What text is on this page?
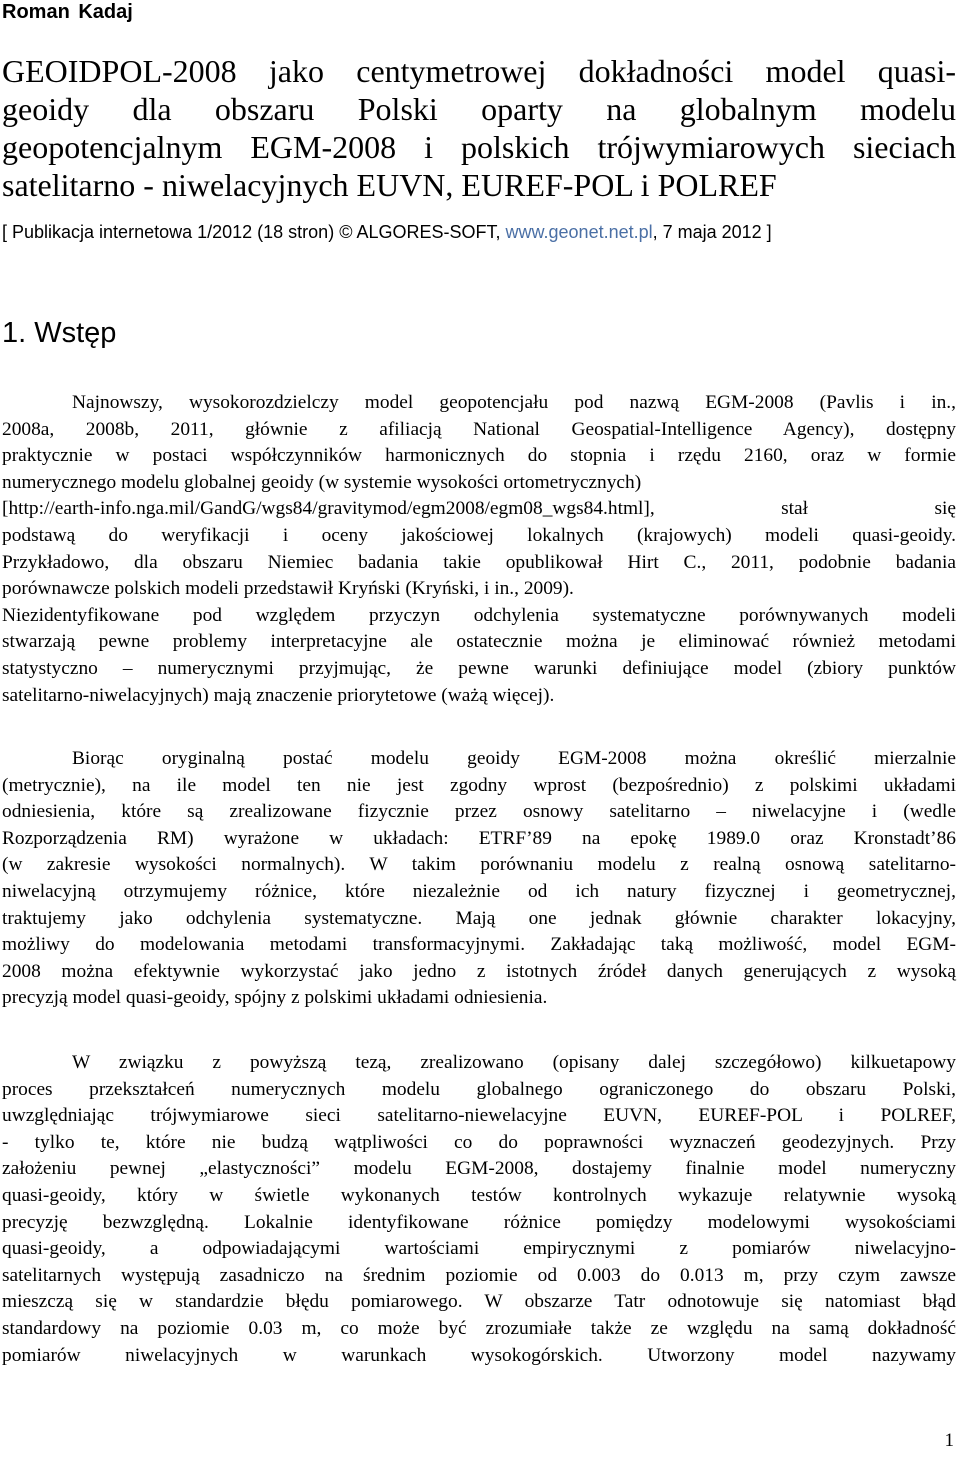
Roman Kadaj
GEOIDPOL-2008 jako centymetrowej dokładności model quasi-
geoidy dla obszaru Polski oparty na globalnym modelu
geopotencjalnym EGM-2008 i polskich trójwymiarowych sieciach
satelitarno - niwelacyjnych EUVN, EUREF-POL i POLREF
[ Publikacja internetowa 1/2012 (18 stron) © ALGORES-SOFT, www.geonet.net.pl, 7 maja 2012 ]
1. Wstęp
Najnowszy, wysokorozdzielczy model geopotencjału pod nazwą EGM-2008 (Pavlis i in.,
2008a, 2008b, 2011, głównie z afiliacją National Geospatial-Intelligence Agency), dostępny
praktycznie w postaci współczynników harmonicznych do stopnia i rzędu 2160, oraz w formie
numerycznego modelu globalnej geoidy (w systemie wysokości ortometrycznych)
[http://earth-info.nga.mil/GandG/wgs84/gravitymod/egm2008/egm08_wgs84.html], stał się
podstawą do weryfikacji i oceny jakościowej lokalnych (krajowych) modeli quasi-geoidy.
Przykładowo, dla obszaru Niemiec badania takie opublikował Hirt C., 2011, podobnie badania
porównawcze polskich modeli przedstawił Kryński (Kryński, i in., 2009).
Niezidentyfikowane pod względem przyczyn odchylenia systematyczne porównywanych modeli
stwarzają pewne problemy interpretacyjne ale ostatecznie można je eliminować również metodami
statystyczno – numerycznymi przyjmując, że pewne warunki definiujące model (zbiory punktów
satelitarno-niwelacyjnych) mają znaczenie priorytetowe (ważą więcej).
Biorąc oryginalną postać modelu geoidy EGM-2008 można określić mierzalnie
(metrycznie), na ile model ten nie jest zgodny wprost (bezpośrednio) z polskimi układami
odniesienia, które są zrealizowane fizycznie przez osnowy satelitarno – niwelacyjne i (wedle
Rozporządzenia RM) wyrażone w układach: ETRF’89 na epokę 1989.0 oraz Kronstadt’86
(w zakresie wysokości normalnych). W takim porównaniu modelu z realną osnową satelitarno-
niwelacyjną otrzymujemy różnice, które niezależnie od ich natury fizycznej i geometrycznej,
traktujemy jako odchylenia systematyczne. Mają one jednak głównie charakter lokacyjny,
możliwy do modelowania metodami transformacyjnymi. Zakładając taką możliwość, model EGM-
2008 można efektywnie wykorzystać jako jedno z istotnych źródeł danych generujących z wysoką
precyzją model quasi-geoidy, spójny z polskimi układami odniesienia.
W związku z powyższą tezą, zrealizowano (opisany dalej szczegółowo) kilkuetapowy
proces przekształceń numerycznych modelu globalnego ograniczonego do obszaru Polski,
uwzględniając trójwymiarowe sieci satelitarno-niewelacyjne EUVN, EUREF-POL i POLREF,
- tylko te, które nie budzą wątpliwości co do poprawności wyznaczeń geodezyjnych. Przy
założeniu pewnej „elastyczności” modelu EGM-2008, dostajemy finalnie model numeryczny
quasi-geoidy, który w świetle wykonanych testów kontrolnych wykazuje relatywnie wysoką
precyzję bezwzględną. Lokalnie identyfikowane różnice pomiędzy modelowymi wysokościami
quasi-geoidy, a odpowiadającymi wartościami empirycznymi z pomiarów niwelacyjno-
satelitarnych występują zasadniczo na średnim poziomie od 0.003 do 0.013 m, przy czym zawsze
mieszczą się w standardzie błędu pomiarowego. W obszarze Tatr odnotowuje się natomiast błąd
standardowy na poziomie 0.03 m, co może być zrozumiałe także ze względu na samą dokładność
pomiarów niwelacyjnych w warunkach wysokogórskich. Utworzony model nazywamy
1
